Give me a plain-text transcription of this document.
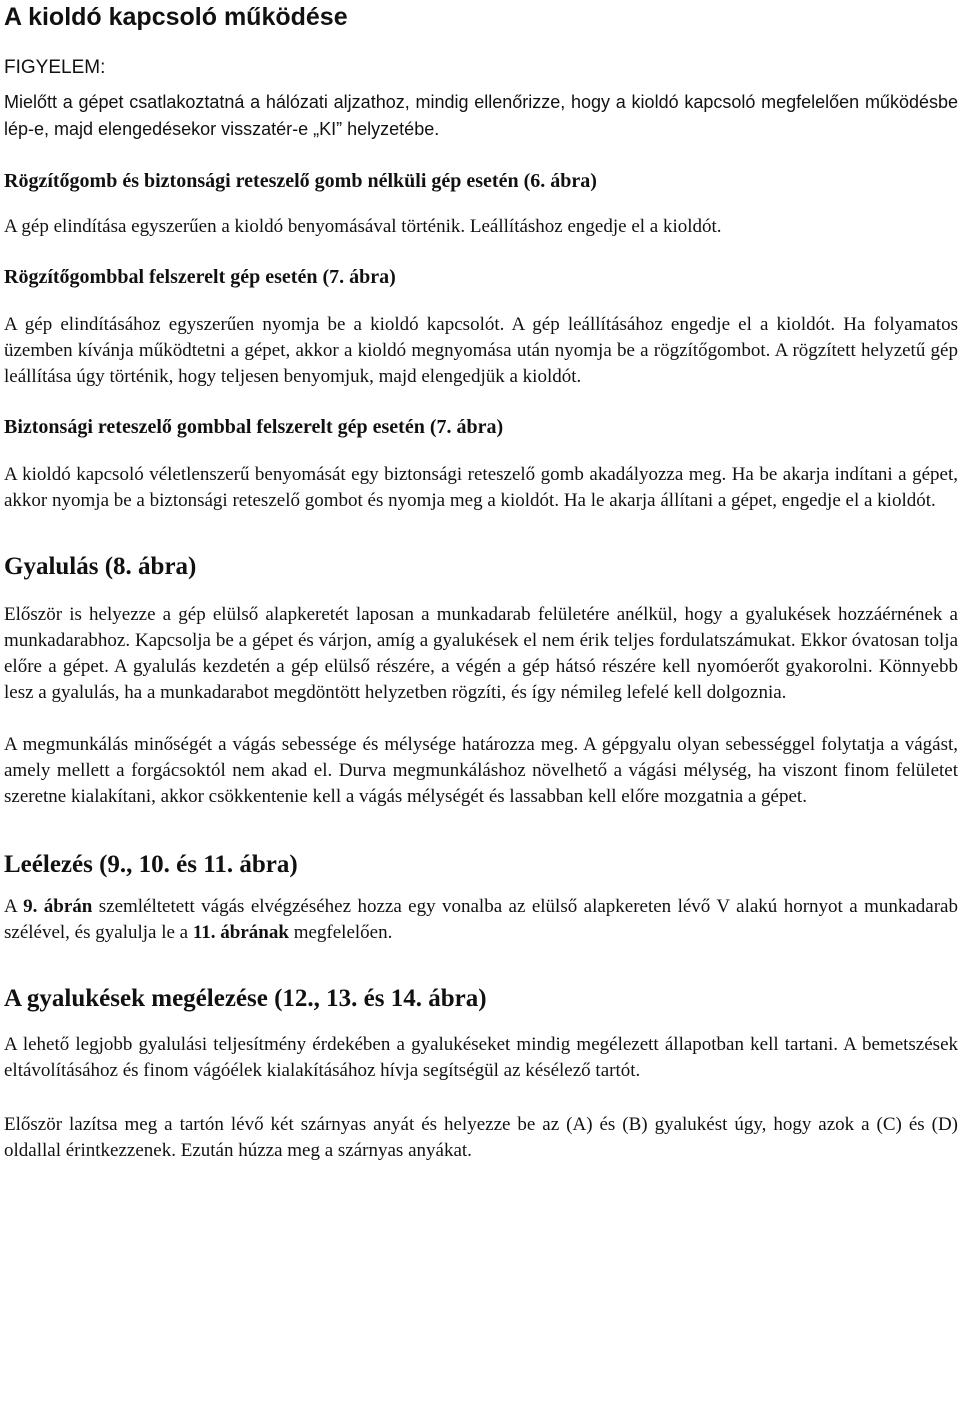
A kioldó kapcsoló működése

FIGYELEM:

Mielőtt a gépet csatlakoztatná a hálózati aljzathoz, mindig ellenőrizze, hogy a kioldó kapcsoló megfelelően működésbe lép-e, majd elengedésekor visszatér-e „KI” helyzetébe.

Rögzítőgomb és biztonsági reteszelő gomb nélküli gép esetén (6. ábra)

A gép elindítása egyszerűen a kioldó benyomásával történik. Leállításhoz engedje el a kioldót.

Rögzítőgombbal felszerelt gép esetén (7. ábra)

A gép elindításához egyszerűen nyomja be a kioldó kapcsolót. A gép leállításához engedje el a kioldót. Ha folyamatos üzemben kívánja működtetni a gépet, akkor a kioldó megnyomása után nyomja be a rögzítőgombot. A rögzített helyzetű gép leállítása úgy történik, hogy teljesen benyomjuk, majd elengedjük a kioldót.

Biztonsági reteszelő gombbal felszerelt gép esetén (7. ábra)

A kioldó kapcsoló véletlenszerű benyomását egy biztonsági reteszelő gomb akadályozza meg. Ha be akarja indítani a gépet, akkor nyomja be a biztonsági reteszelő gombot és nyomja meg a kioldót. Ha le akarja állítani a gépet, engedje el a kioldót.

Gyalulás (8. ábra)

Először is helyezze a gép elülső alapkeretét laposan a munkadarab felületére anélkül, hogy a gyalukések hozzáérnének a munkadarabhoz. Kapcsolja be a gépet és várjon, amíg a gyalukések el nem érik teljes fordulatszámukat. Ekkor óvatosan tolja előre a gépet. A gyalulás kezdetén a gép elülső részére, a végén a gép hátsó részére kell nyomóerőt gyakorolni. Könnyebb lesz a gyalulás, ha a munkadarabot megdöntött helyzetben rögzíti, és így némileg lefelé kell dolgoznia.

A megmunkálás minőségét a vágás sebessége és mélysége határozza meg. A gépgyalu olyan sebességgel folytatja a vágást, amely mellett a forgácsoktól nem akad el. Durva megmunkáláshoz növelhető a vágási mélység, ha viszont finom felületet szeretne kialakítani, akkor csökkentenie kell a vágás mélységét és lassabban kell előre mozgatnia a gépet.

Leélezés (9., 10. és 11. ábra)

A 9. ábrán szemléltetett vágás elvégzéséhez hozza egy vonalba az elülső alapkereten lévő V alakú hornyot a munkadarab szélével, és gyalulja le a 11. ábrának megfelelően.

A gyalukések megélezése (12., 13. és 14. ábra)

A lehető legjobb gyalulási teljesítmény érdekében a gyalukéseket mindig megélezett állapotban kell tartani. A bemetszések eltávolításához és finom vágóélek kialakításához hívja segítségül az késélező tartót.

Először lazítsa meg a tartón lévő két szárnyas anyát és helyezze be az (A) és (B) gyalukést úgy, hogy azok a (C) és (D) oldallal érintkezzenek. Ezután húzza meg a szárnyas anyákat.
